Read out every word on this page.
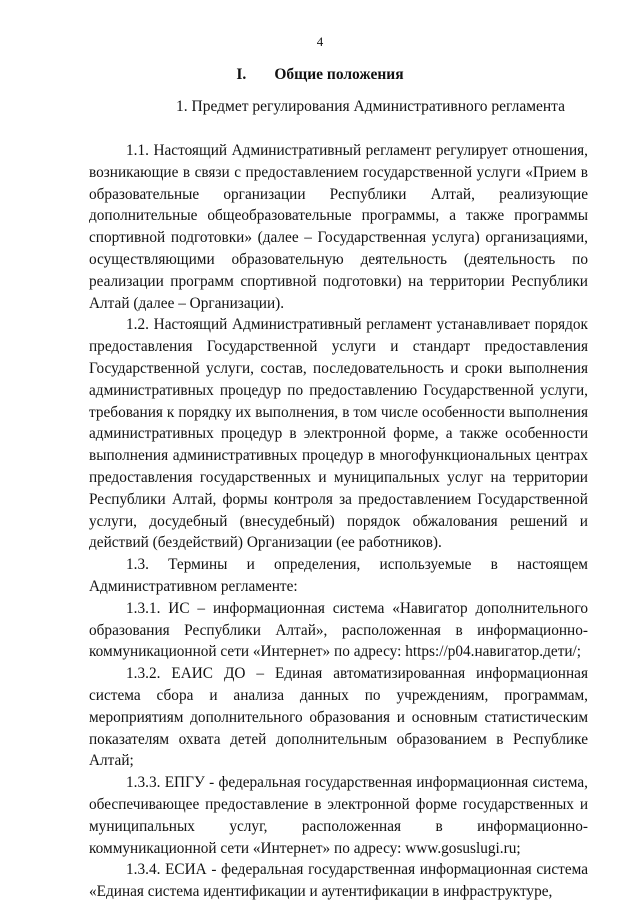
4
I. Общие положения
1. Предмет регулирования Административного регламента

1.1. Настоящий Административный регламент регулирует отношения, возникающие в связи с предоставлением государственной услуги «Прием в образовательные организации Республики Алтай, реализующие дополнительные общеобразовательные программы, а также программы спортивной подготовки» (далее – Государственная услуга) организациями, осуществляющими образовательную деятельность (деятельность по реализации программ спортивной подготовки) на территории Республики Алтай (далее – Организации).

1.2. Настоящий Административный регламент устанавливает порядок предоставления Государственной услуги и стандарт предоставления Государственной услуги, состав, последовательность и сроки выполнения административных процедур по предоставлению Государственной услуги, требования к порядку их выполнения, в том числе особенности выполнения административных процедур в электронной форме, а также особенности выполнения административных процедур в многофункциональных центрах предоставления государственных и муниципальных услуг на территории Республики Алтай, формы контроля за предоставлением Государственной услуги, досудебный (внесудебный) порядок обжалования решений и действий (бездействий) Организации (ее работников).

1.3. Термины и определения, используемые в настоящем Административном регламенте:

1.3.1. ИС – информационная система «Навигатор дополнительного образования Республики Алтай», расположенная в информационно-коммуникационной сети «Интернет» по адресу: https://р04.навигатор.дети/;

1.3.2. ЕАИС ДО – Единая автоматизированная информационная система сбора и анализа данных по учреждениям, программам, мероприятиям дополнительного образования и основным статистическим показателям охвата детей дополнительным образованием в Республике Алтай;

1.3.3. ЕПГУ - федеральная государственная информационная система, обеспечивающее предоставление в электронной форме государственных и муниципальных услуг, расположенная в информационно-коммуникационной сети «Интернет» по адресу: www.gosuslugi.ru;

1.3.4. ЕСИА - федеральная государственная информационная система «Единая система идентификации и аутентификации в инфраструктуре,
